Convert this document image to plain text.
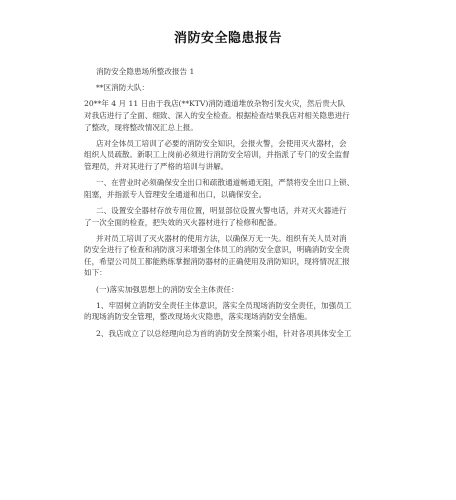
消防安全隐患报告
消防安全隐患场所整改报告 1
**区消防大队：
20**年 4 月 11 日由于我店(**KTV)消防通道堆放杂物引发火灾，然后贵大队
对我店进行了全面、细致、深入的安全检查。根据检查结果我店对相关隐患进行
了整改，现将整改情况汇总上报。
店对全体员工培训了必要的消防安全知识，会报火警，会使用灭火器材，会
组织人员疏散。新职工上岗前必须进行消防安全培训，并指派了专门的安全监督
管理员，并对其进行了严格的培训与讲解。
一、在营业时必须确保安全出口和疏散通道畅通无阻，严禁将安全出口上锁、
阻塞，并指派专人管理安全通道和出口，以确保安全。
二、设置安全器材存放专用位置，明显部位设置火警电话，并对灭火器进行
了一次全面的检查，把失效的灭火器材进行了检修和配备。
并对员工培训了灭火器材的使用方法，以确保万无一失。组织有关人员对消
防安全进行了检查和消防演习来增强全体员工的消防安全意识，明确消防安全责
任，希望公司员工都能熟练掌握消防器材的正确使用及消防知识，现将情况汇报
如下：
(一)落实加强思想上的消防安全主体责任：
1、牢固树立消防安全责任主体意识，落实全员现场消防安全责任，加强员工
的现场消防安全管理，整改现场火灾隐患，落实现场消防安全措施。
2、我店成立了以总经理向总为首的消防安全预案小组，针对各项具体安全工
